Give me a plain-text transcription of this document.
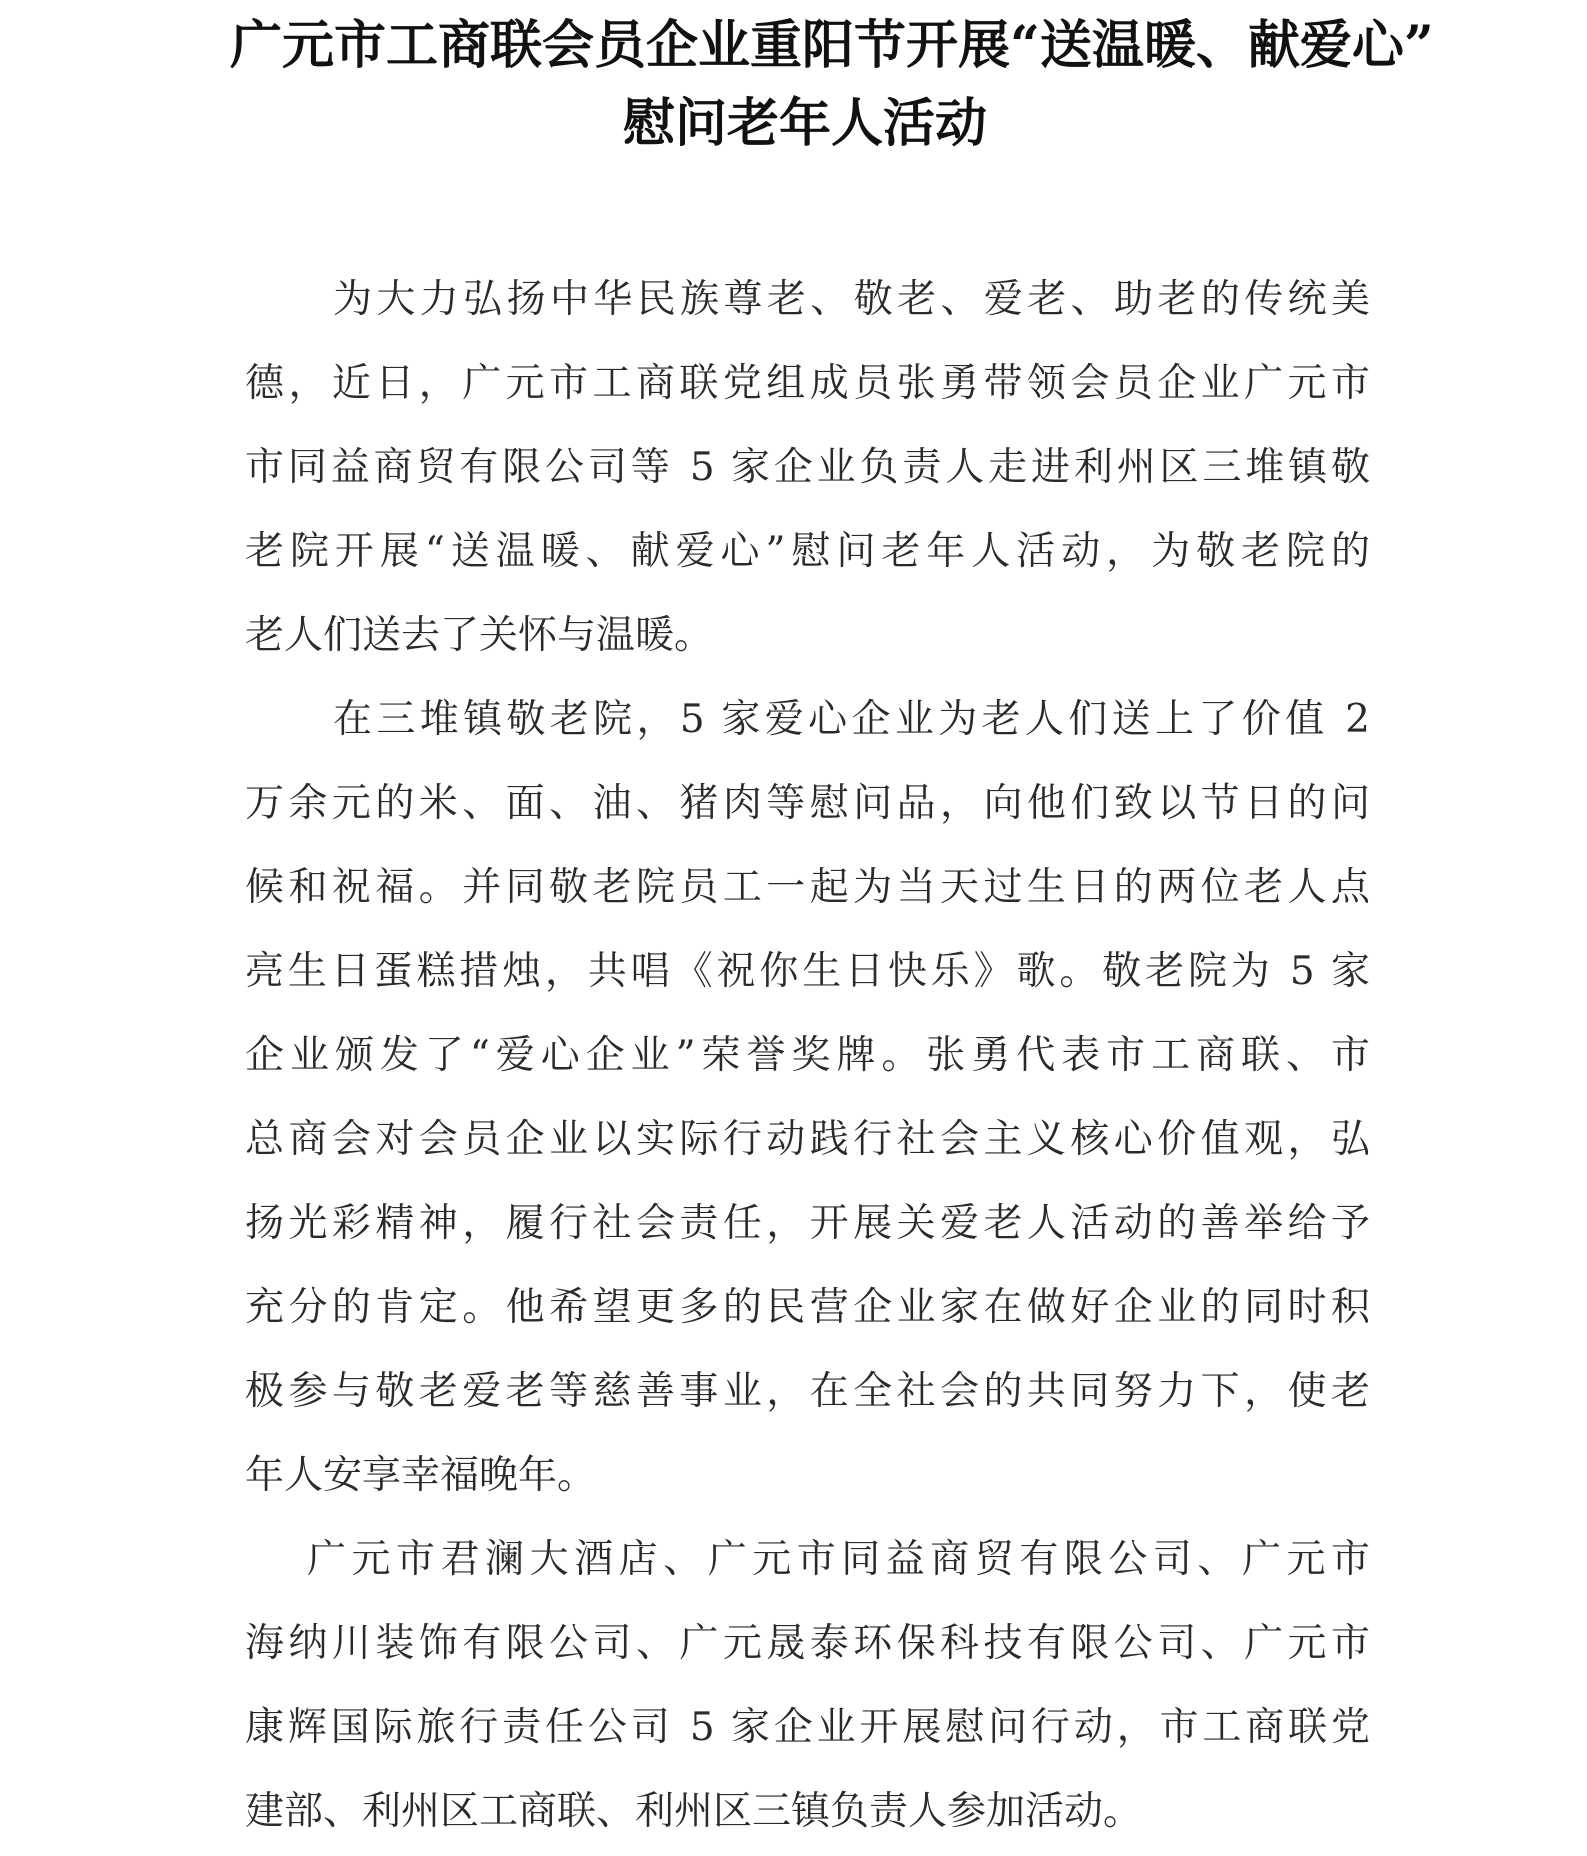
广元市工商联会员企业重阳节开展“送温暖、献爱心”
慰问老年人活动

为大力弘扬中华民族尊老、敬老、爱老、助老的传统美
德，近日，广元市工商联党组成员张勇带领会员企业广元市
市同益商贸有限公司等 5 家企业负责人走进利州区三堆镇敬
老院开展“送温暖、献爱心”慰问老年人活动，为敬老院的
老人们送去了关怀与温暖。

在三堆镇敬老院，5 家爱心企业为老人们送上了价值 2
万余元的米、面、油、猪肉等慰问品，向他们致以节日的问
候和祝福。并同敬老院员工一起为当天过生日的两位老人点
亮生日蛋糕措烛，共唱《祝你生日快乐》歌。敬老院为 5 家
企业颁发了“爱心企业”荣誉奖牌。张勇代表市工商联、市
总商会对会员企业以实际行动践行社会主义核心价值观，弘
扬光彩精神，履行社会责任，开展关爱老人活动的善举给予
充分的肯定。他希望更多的民营企业家在做好企业的同时积
极参与敬老爱老等慈善事业，在全社会的共同努力下，使老
年人安享幸福晚年。

广元市君澜大酒店、广元市同益商贸有限公司、广元市
海纳川装饰有限公司、广元晟泰环保科技有限公司、广元市
康辉国际旅行责任公司 5 家企业开展慰问行动，市工商联党
建部、利州区工商联、利州区三镇负责人参加活动。
